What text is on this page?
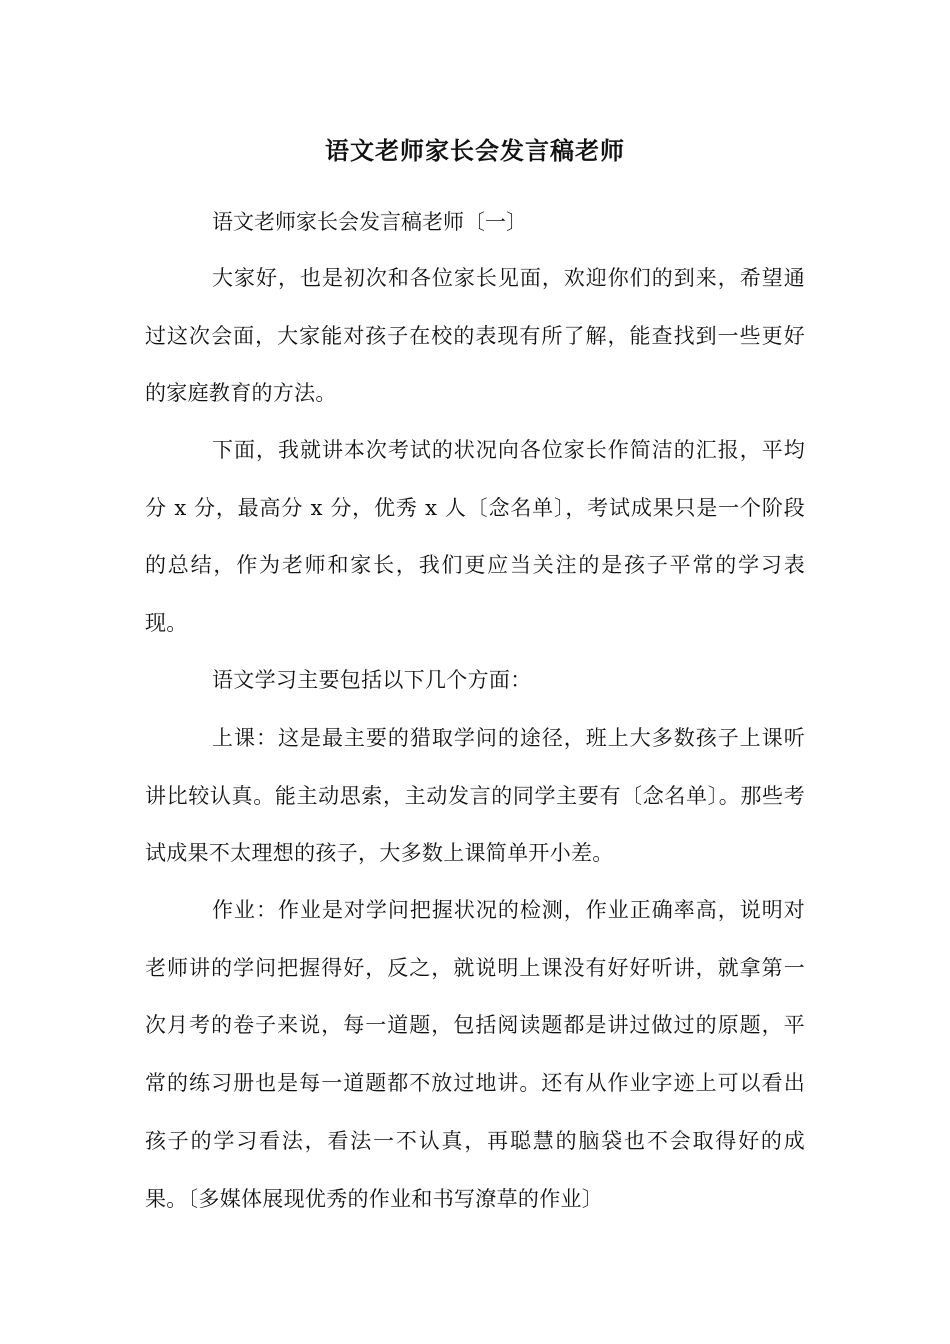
语文老师家长会发言稿老师
语文老师家长会发言稿老师〔一〕

大家好，也是初次和各位家长见面，欢迎你们的到来，希望通过这次会面，大家能对孩子在校的表现有所了解，能查找到一些更好的家庭教育的方法。

下面，我就讲本次考试的状况向各位家长作简洁的汇报，平均分 x 分，最高分 x 分，优秀 x 人〔念名单〕，考试成果只是一个阶段的总结，作为老师和家长，我们更应当关注的是孩子平常的学习表现。

语文学习主要包括以下几个方面：

上课：这是最主要的猎取学问的途径，班上大多数孩子上课听讲比较认真。能主动思索，主动发言的同学主要有〔念名单〕。那些考试成果不太理想的孩子，大多数上课简单开小差。

作业：作业是对学问把握状况的检测，作业正确率高，说明对老师讲的学问把握得好，反之，就说明上课没有好好听讲，就拿第一次月考的卷子来说，每一道题，包括阅读题都是讲过做过的原题，平常的练习册也是每一道题都不放过地讲。还有从作业字迹上可以看出孩子的学习看法，看法一不认真，再聪慧的脑袋也不会取得好的成果。〔多媒体展现优秀的作业和书写潦草的作业〕
